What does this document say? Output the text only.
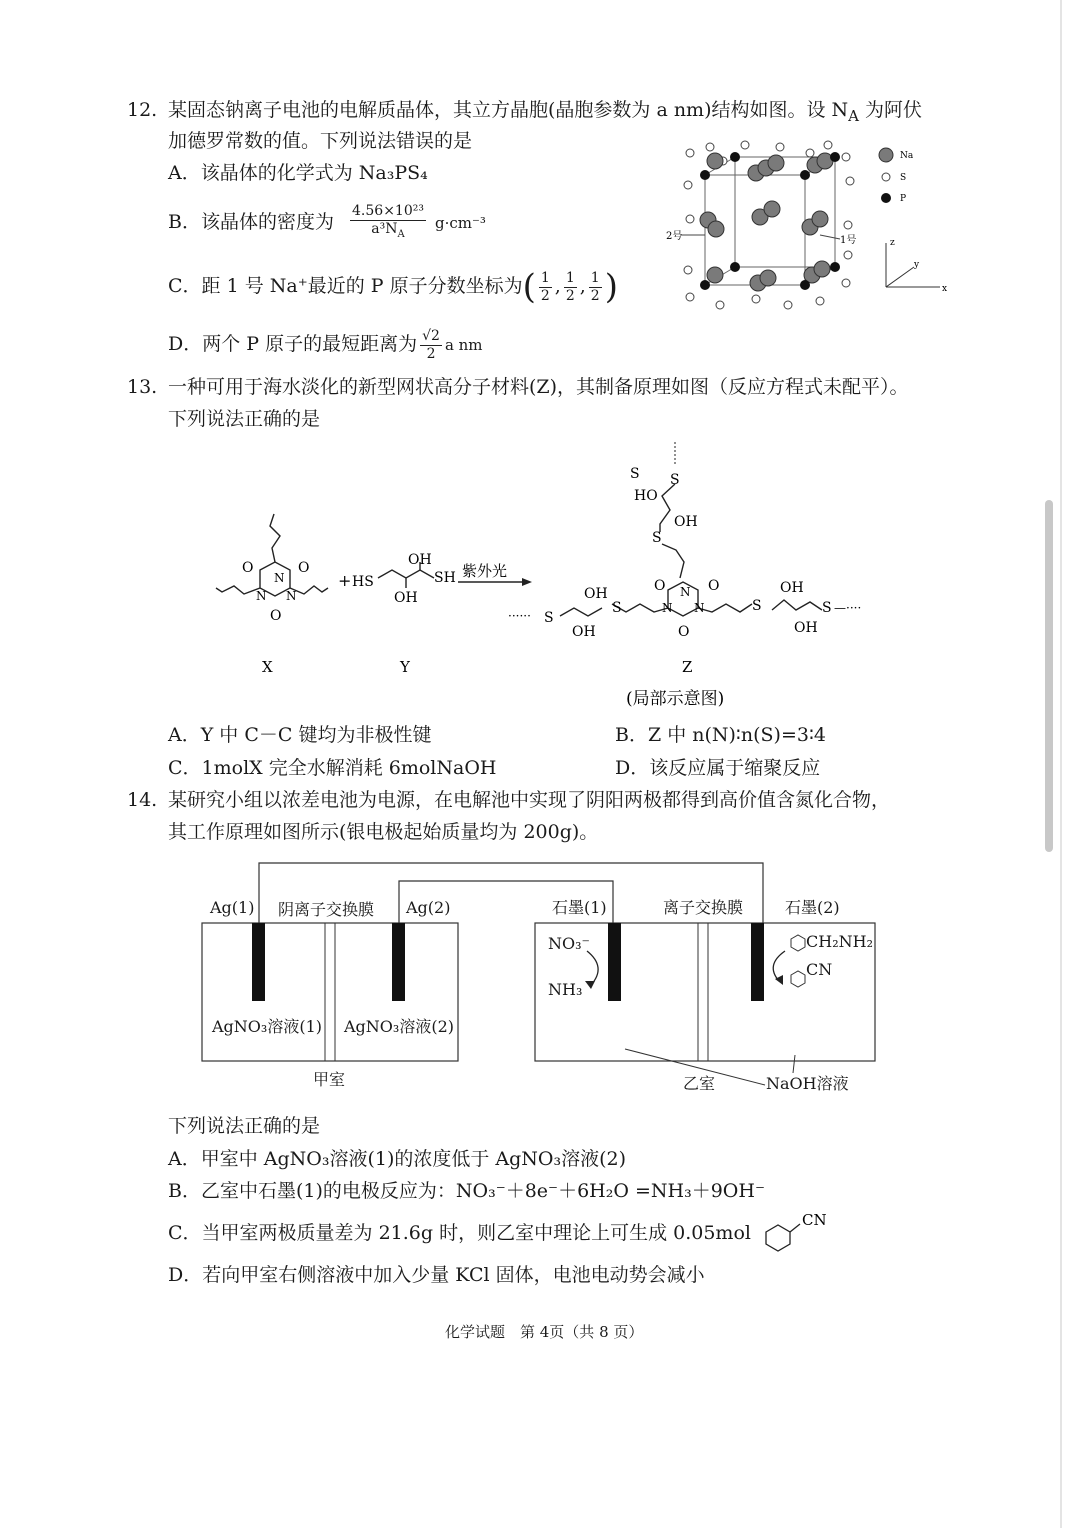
12. 某固态钠离子电池的电解质晶体，其立方晶胞(晶胞参数为 a nm)结构如图。设 $N_A$ 为阿伏
加德罗常数的值。下列说法错误的是
A．该晶体的化学式为 Na₃PS₄
B．该晶体的密度为 $\frac{\text{4.56×10²³}}{a^3N_A} g\cdot cm^{-3}$
C．距 1 号 Na⁺最近的 P 原子分数坐标为( $\frac{1}{2}$ , $\frac{1}{2}$ , $\frac{1}{2}$ )
D．两个 P 原子的最短距离为 $\frac{√2}{2}$ a nm
2号	1号
Na
S
P
z
y
x
13. 一种可用于海水淡化的新型网状高分子材料(Z)，其制备原理如图（反应方程式未配平）。
下列说法正确的是
O	O
O
N
N N
+ HS
OH
OH
SH 紫外光
S S
HO
OH
S
O	O
O
N
N N
······ S
OH
OH
S	S
OH
OH
S —····
X	Y	Z
(局部示意图)
A．Y 中 C－C 键均为非极性键	B．Z 中 n(N)∶n(S)=3∶4
C．1molX 完全水解消耗 6molNaOH	D．该反应属于缩聚反应
14. 某研究小组以浓差电池为电源，在电解池中实现了阴阳两极都得到高价值含氮化合物，
其工作原理如图所示(银电极起始质量均为 200g)。
Ag(1) 阴离子交换膜 Ag(2)	石墨(1)	离子交换膜	石墨(2)
AgNO₃溶液(1) AgNO₃溶液(2)
NO₃⁻
NH₃
CH₂NH₂
CN
甲室	乙室	NaOH溶液
下列说法正确的是
A．甲室中 AgNO₃溶液(1)的浓度低于 AgNO₃溶液(2)
B．乙室中石墨(1)的电极反应为：NO₃⁻＋8e⁻＋6H₂O =NH₃＋9OH⁻
C．当甲室两极质量差为 21.6g 时，则乙室中理论上可生成 0.05mol
CN
D．若向甲室右侧溶液中加入少量 KCl 固体，电池电动势会减小
化学试题　第 4页（共 8 页）
